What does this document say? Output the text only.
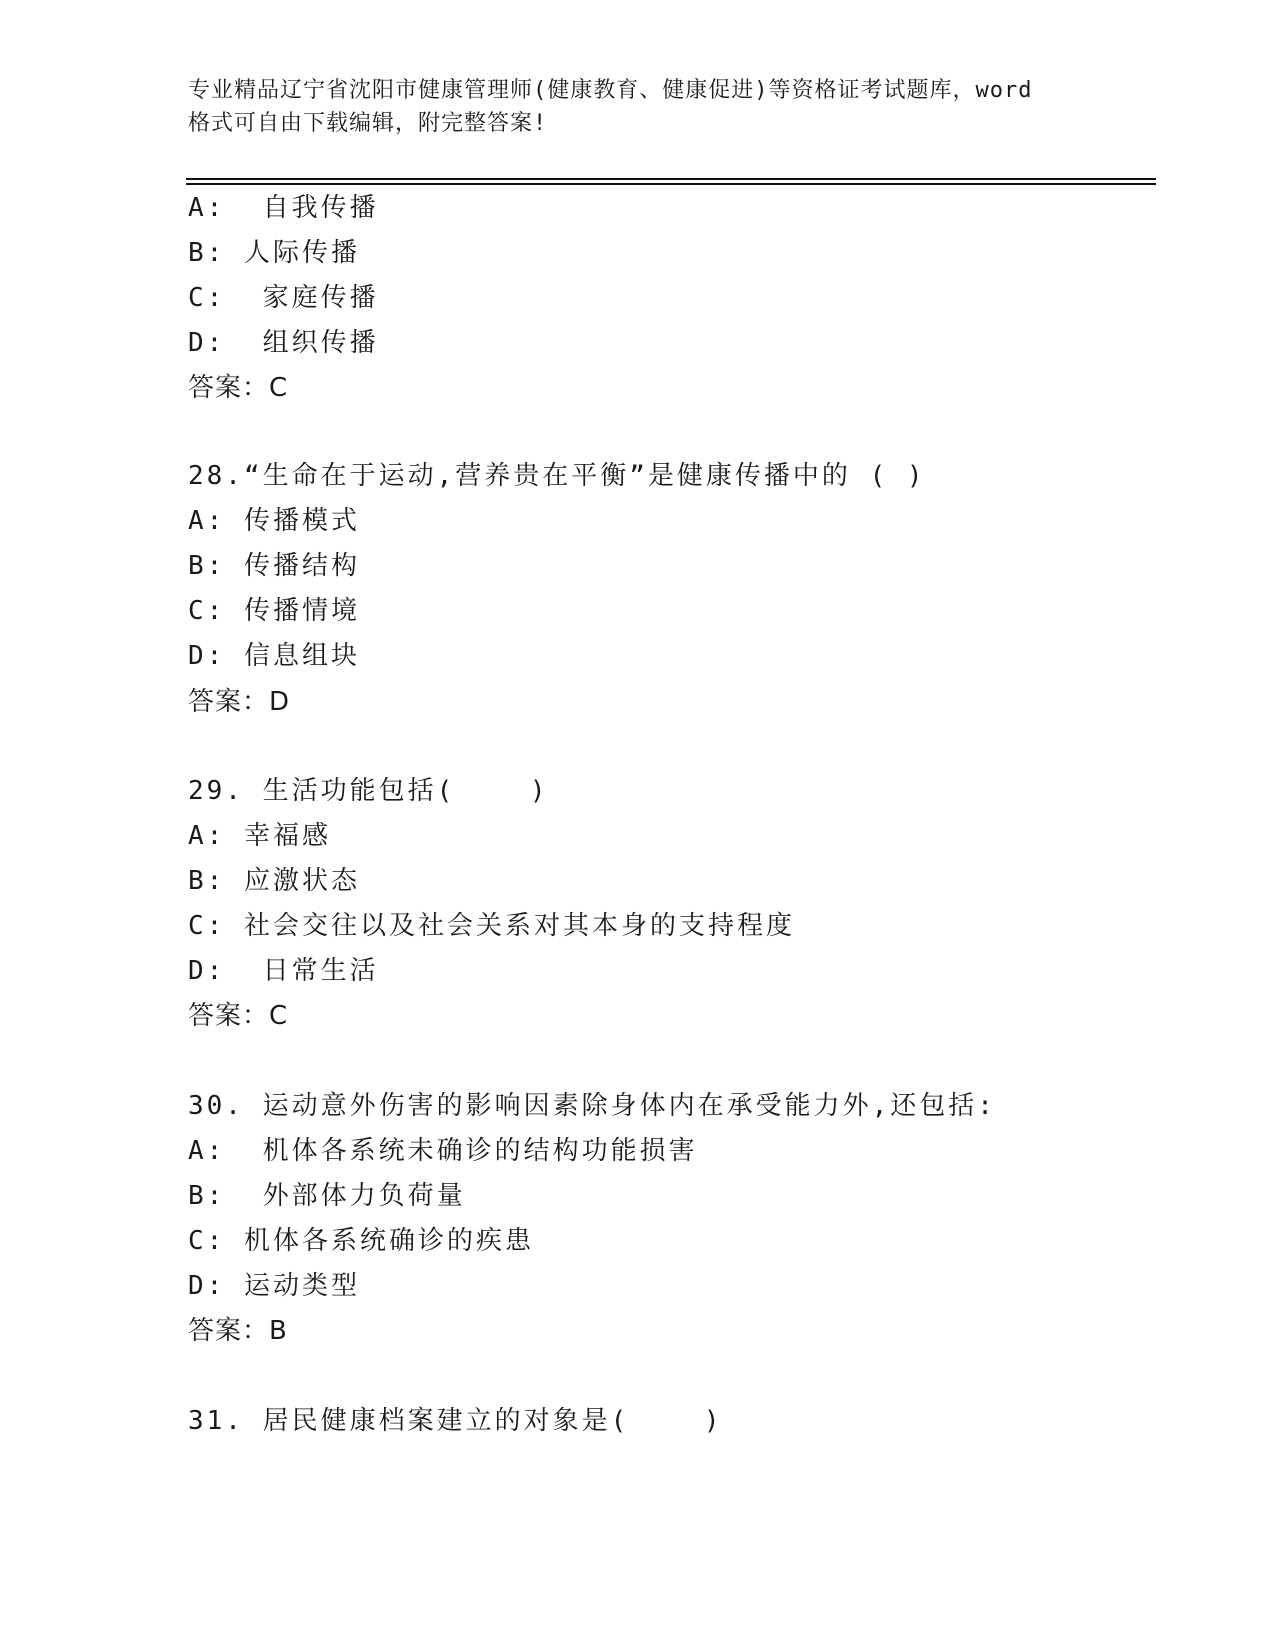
专业精品辽宁省沈阳市健康管理师(健康教育、健康促进)等资格证考试题库，word
格式可自由下载编辑，附完整答案!
A:  自我传播
B: 人际传播
C:  家庭传播
D:  组织传播
答案：C
28.“生命在于运动,营养贵在平衡”是健康传播中的 ( )
A: 传播模式
B: 传播结构
C: 传播情境
D: 信息组块
答案：D
29. 生活功能包括(    )
A: 幸福感
B: 应激状态
C: 社会交往以及社会关系对其本身的支持程度
D:  日常生活
答案：C
30. 运动意外伤害的影响因素除身体内在承受能力外,还包括:
A:  机体各系统未确诊的结构功能损害
B:  外部体力负荷量
C: 机体各系统确诊的疾患
D: 运动类型
答案：B
31. 居民健康档案建立的对象是(    )
